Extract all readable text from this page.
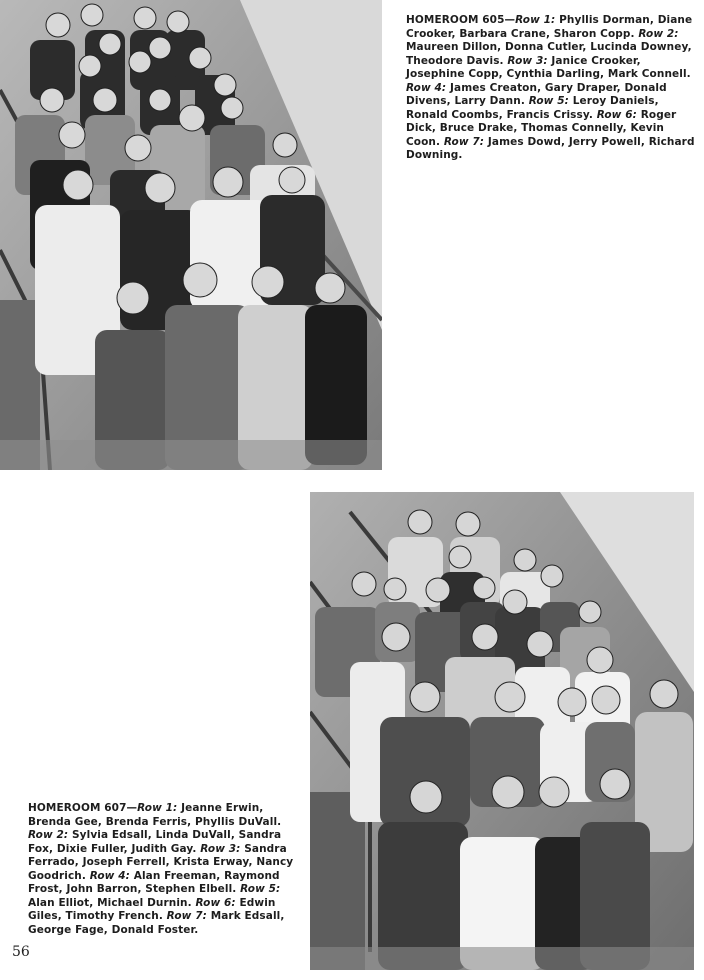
HOMEROOM 605—Row 1: Phyllis Dorman, Diane Crooker, Barbara Crane, Sharon Copp. Row 2: Maureen Dillon, Donna Cutler, Lucinda Downey, Theodore Davis. Row 3: Janice Crooker, Josephine Copp, Cynthia Darling, Mark Connell. Row 4: James Creaton, Gary Draper, Donald Divens, Larry Dann. Row 5: Leroy Daniels, Ronald Coombs, Francis Crissy. Row 6: Roger Dick, Bruce Drake, Thomas Connelly, Kevin Coon. Row 7: James Dowd, Jerry Powell, Richard Downing.
HOMEROOM 607—Row 1: Jeanne Erwin, Brenda Gee, Brenda Ferris, Phyllis DuVall. Row 2: Sylvia Edsall, Linda DuVall, Sandra Fox, Dixie Fuller, Judith Gay. Row 3: Sandra Ferrado, Joseph Ferrell, Krista Erway, Nancy Goodrich. Row 4: Alan Freeman, Raymond Frost, John Barron, Stephen Elbell. Row 5: Alan Elliot, Michael Durnin. Row 6: Edwin Giles, Timothy French. Row 7: Mark Edsall, George Fage, Donald Foster.
56
